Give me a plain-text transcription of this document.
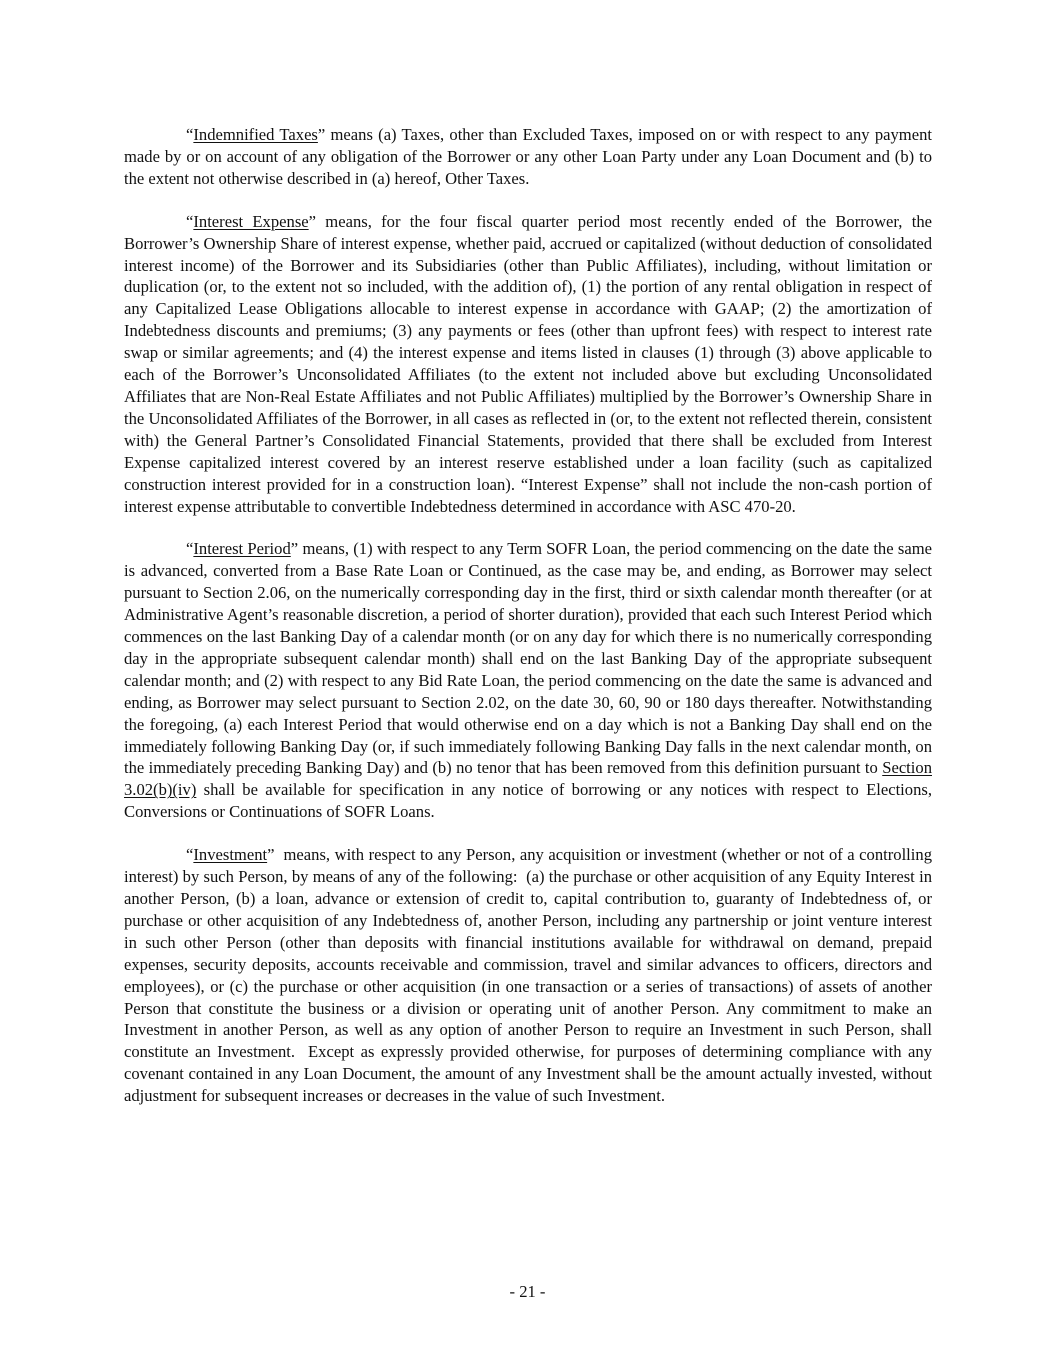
“Indemnified Taxes” means (a) Taxes, other than Excluded Taxes, imposed on or with respect to any payment made by or on account of any obligation of the Borrower or any other Loan Party under any Loan Document and (b) to the extent not otherwise described in (a) hereof, Other Taxes.

“Interest Expense” means, for the four fiscal quarter period most recently ended of the Borrower, the Borrower’s Ownership Share of interest expense, whether paid, accrued or capitalized (without deduction of consolidated interest income) of the Borrower and its Subsidiaries (other than Public Affiliates), including, without limitation or duplication (or, to the extent not so included, with the addition of), (1) the portion of any rental obligation in respect of any Capitalized Lease Obligations allocable to interest expense in accordance with GAAP; (2) the amortization of Indebtedness discounts and premiums; (3) any payments or fees (other than upfront fees) with respect to interest rate swap or similar agreements; and (4) the interest expense and items listed in clauses (1) through (3) above applicable to each of the Borrower’s Unconsolidated Affiliates (to the extent not included above but excluding Unconsolidated Affiliates that are Non-Real Estate Affiliates and not Public Affiliates) multiplied by the Borrower’s Ownership Share in the Unconsolidated Affiliates of the Borrower, in all cases as reflected in (or, to the extent not reflected therein, consistent with) the General Partner’s Consolidated Financial Statements, provided that there shall be excluded from Interest Expense capitalized interest covered by an interest reserve established under a loan facility (such as capitalized construction interest provided for in a construction loan). “Interest Expense” shall not include the non-cash portion of interest expense attributable to convertible Indebtedness determined in accordance with ASC 470-20.

“Interest Period” means, (1) with respect to any Term SOFR Loan, the period commencing on the date the same is advanced, converted from a Base Rate Loan or Continued, as the case may be, and ending, as Borrower may select pursuant to Section 2.06, on the numerically corresponding day in the first, third or sixth calendar month thereafter (or at Administrative Agent’s reasonable discretion, a period of shorter duration), provided that each such Interest Period which commences on the last Banking Day of a calendar month (or on any day for which there is no numerically corresponding day in the appropriate subsequent calendar month) shall end on the last Banking Day of the appropriate subsequent calendar month; and (2) with respect to any Bid Rate Loan, the period commencing on the date the same is advanced and ending, as Borrower may select pursuant to Section 2.02, on the date 30, 60, 90 or 180 days thereafter. Notwithstanding the foregoing, (a) each Interest Period that would otherwise end on a day which is not a Banking Day shall end on the immediately following Banking Day (or, if such immediately following Banking Day falls in the next calendar month, on the immediately preceding Banking Day) and (b) no tenor that has been removed from this definition pursuant to Section 3.02(b)(iv) shall be available for specification in any notice of borrowing or any notices with respect to Elections, Conversions or Continuations of SOFR Loans.

“Investment”  means, with respect to any Person, any acquisition or investment (whether or not of a controlling interest) by such Person, by means of any of the following:  (a) the purchase or other acquisition of any Equity Interest in another Person, (b) a loan, advance or extension of credit to, capital contribution to, guaranty of Indebtedness of, or purchase or other acquisition of any Indebtedness of, another Person, including any partnership or joint venture interest in such other Person (other than deposits with financial institutions available for withdrawal on demand, prepaid expenses, security deposits, accounts receivable and commission, travel and similar advances to officers, directors and employees), or (c) the purchase or other acquisition (in one transaction or a series of transactions) of assets of another Person that constitute the business or a division or operating unit of another Person. Any commitment to make an Investment in another Person, as well as any option of another Person to require an Investment in such Person, shall constitute an Investment.  Except as expressly provided otherwise, for purposes of determining compliance with any covenant contained in any Loan Document, the amount of any Investment shall be the amount actually invested, without adjustment for subsequent increases or decreases in the value of such Investment.

- 21 -
